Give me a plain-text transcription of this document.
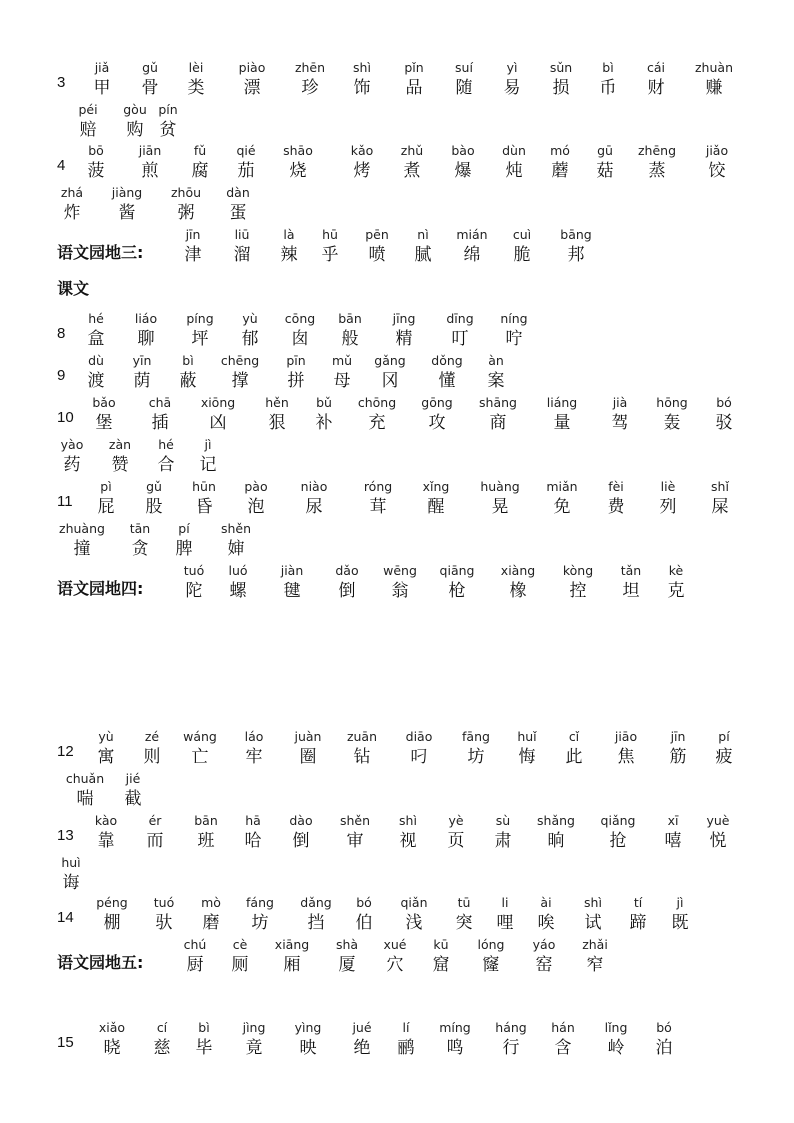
课文
3
jiǎ
甲
gǔ
骨
lèi
类
piào
漂
zhēn
珍
shì
饰
pǐn
品
suí
随
yì
易
sǔn
损
bì
币
cái
财
zhuàn
赚
péi
赔
gòu
购
pín
贫
4
bō
菠
jiān
煎
fǔ
腐
qié
茄
shāo
烧
kǎo
烤
zhǔ
煮
bào
爆
dùn
炖
mó
蘑
gū
菇
zhēng
蒸
jiǎo
饺
zhá
炸
jiàng
酱
zhōu
粥
dàn
蛋
语文园地三:
jīn
津
liū
溜
là
辣
hū
乎
pēn
喷
nì
腻
mián
绵
cuì
脆
bāng
邦
8
hé
盒
liáo
聊
píng
坪
yù
郁
cōng
囱
bān
般
jīng
精
dīng
叮
níng
咛
9
dù
渡
yīn
荫
bì
蔽
chēng
撑
pīn
拼
mǔ
母
gǎng
冈
dǒng
懂
àn
案
10
bǎo
堡
chā
插
xiōng
凶
hěn
狠
bǔ
补
chōng
充
gōng
攻
shāng
商
liáng
量
jià
驾
hōng
轰
bó
驳
yào
药
zàn
赞
hé
合
jì
记
11
pì
屁
gǔ
股
hūn
昏
pào
泡
niào
尿
róng
茸
xǐng
醒
huàng
晃
miǎn
免
fèi
费
liè
列
shǐ
屎
zhuàng
撞
tān
贪
pí
脾
shěn
婶
语文园地四:
tuó
陀
luó
螺
jiàn
毽
dǎo
倒
wēng
翁
qiāng
枪
xiàng
橡
kòng
控
tǎn
坦
kè
克
12
yù
寓
zé
则
wáng
亡
láo
牢
juàn
圈
zuān
钻
diāo
叼
fāng
坊
huǐ
悔
cǐ
此
jiāo
焦
jīn
筋
pí
疲
chuǎn
喘
jié
截
13
kào
靠
ér
而
bān
班
hā
哈
dào
倒
shěn
审
shì
视
yè
页
sù
肃
shǎng
晌
qiǎng
抢
xī
嘻
yuè
悦
huì
诲
14
péng
棚
tuó
驮
mò
磨
fáng
坊
dǎng
挡
bó
伯
qiǎn
浅
tū
突
li
哩
ài
唉
shì
试
tí
蹄
jì
既
语文园地五:
chú
厨
cè
厕
xiāng
厢
shà
厦
xué
穴
kū
窟
lóng
窿
yáo
窑
zhǎi
窄
15
xiǎo
晓
cí
慈
bì
毕
jìng
竟
yìng
映
jué
绝
lí
鹂
míng
鸣
háng
行
hán
含
lǐng
岭
bó
泊
